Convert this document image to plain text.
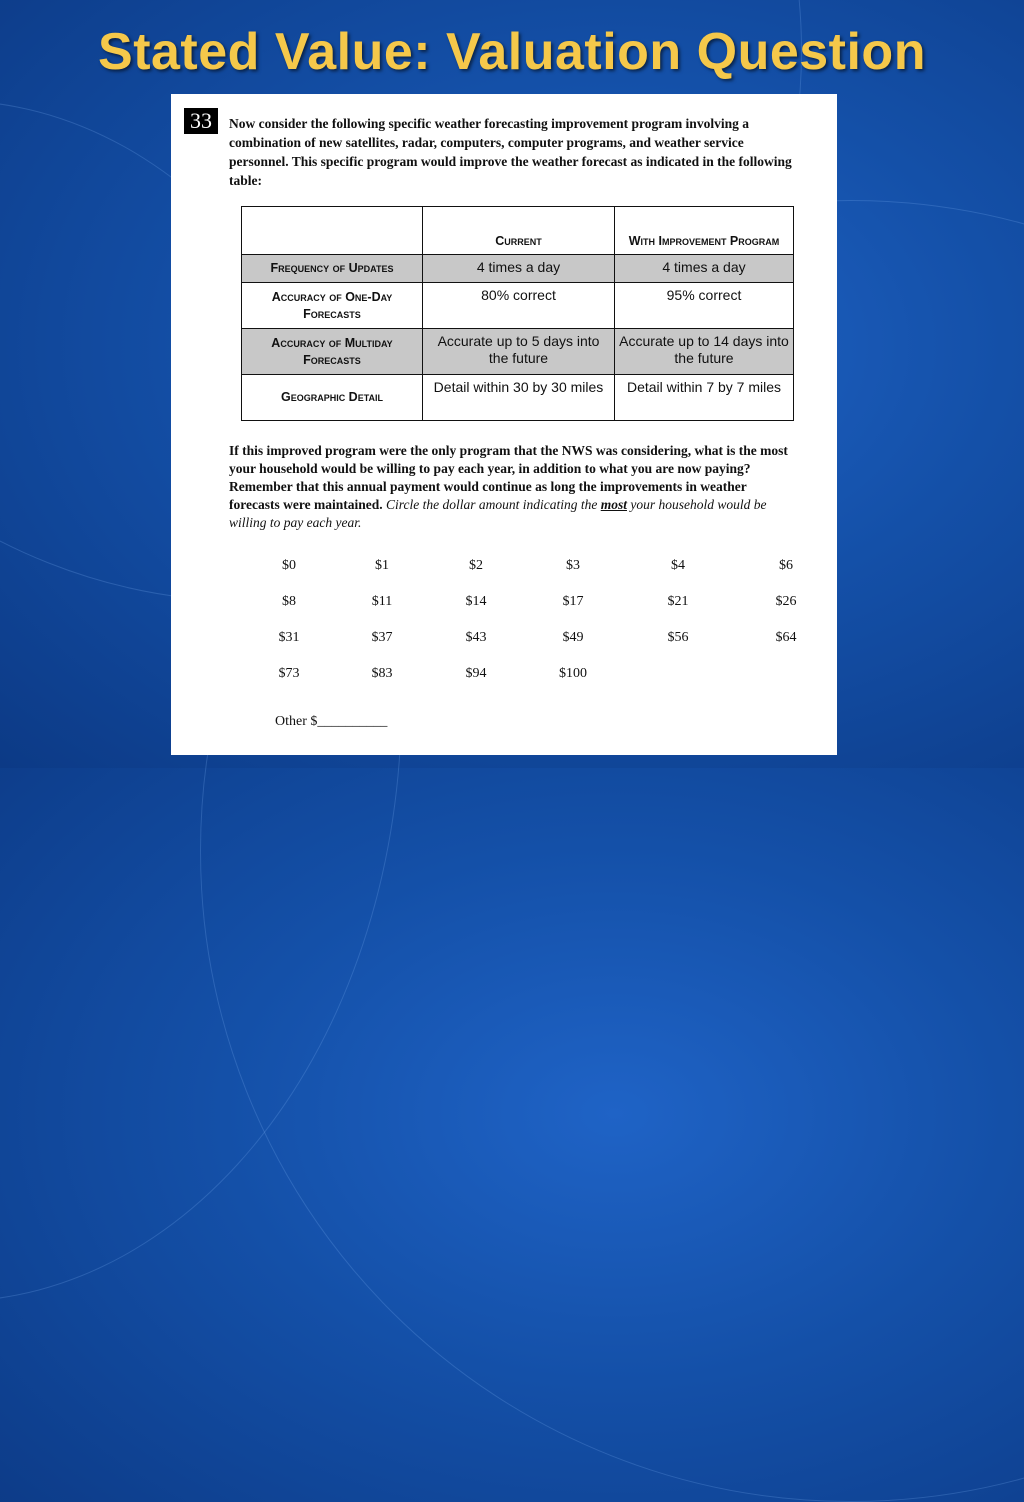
Stated Value: Valuation Question
33	Now consider the following specific weather forecasting improvement program involving a combination of new satellites, radar, computers, computer programs, and weather service personnel. This specific program would improve the weather forecast as indicated in the following table:
	Current	With Improvement Program
Frequency of Updates	4 times a day	4 times a day
Accuracy of One-Day Forecasts	80% correct	95% correct
Accuracy of Multiday Forecasts	Accurate up to 5 days into the future	Accurate up to 14 days into the future
Geographic Detail	Detail within 30 by 30 miles	Detail within 7 by 7 miles
If this improved program were the only program that the NWS was considering, what is the most your household would be willing to pay each year, in addition to what you are now paying? Remember that this annual payment would continue as long the improvements in weather forecasts were maintained. Circle the dollar amount indicating the most your household would be willing to pay each year.
$0	$1	$2	$3	$4	$6
$8	$11	$14	$17	$21	$26
$31	$37	$43	$49	$56	$64
$73	$83	$94	$100
Other $__________
